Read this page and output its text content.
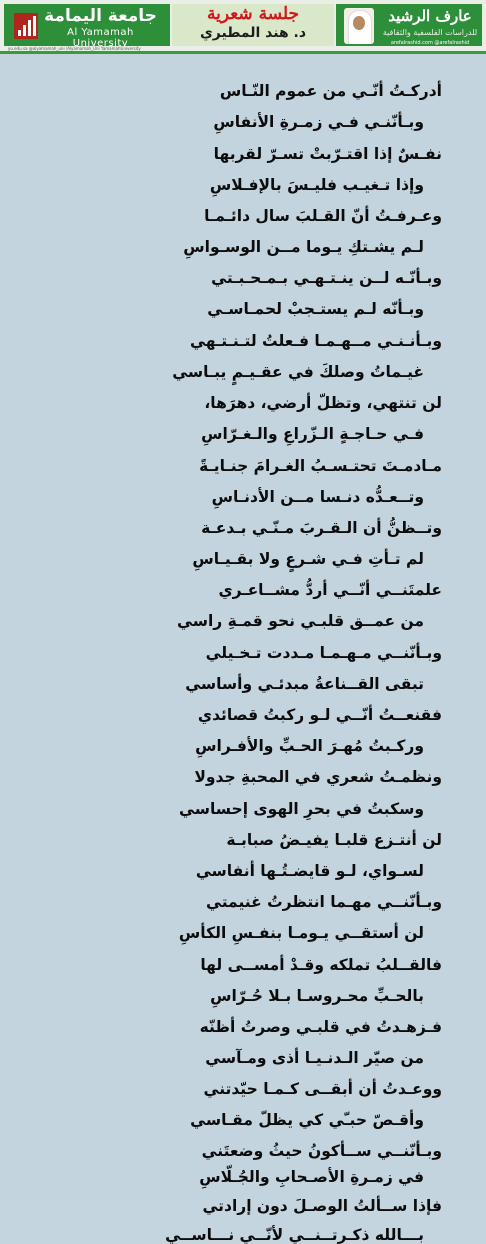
جامعة اليمامة
Al Yamamah University
yu.edu.sa @alyamamah_uni /Alyamamah_Uni YamamahUniversity
جلسة شعرية
د. هند المطيري
عارف الرشيد
للدراسات الفلسفية والثقافية
arefalrashid.com @arefalrashid
أدركـتُ أنّـي من عموم النّـاس
وبـأنّنـي فـي زمـرةِ الأنفاسِ
نفـسٌ إذا اقتـرّبتْ تسـرّ لقربها
وإذا تـغيـب فليـسَ بالإفـلاسِ
وعـرفـتُ أنّ القـلبَ سال دائـمـا
لـم يشـتكِ يـوما مــن الوسـواسِ
وبـأنّـه لــن ينـتـهـي بـمـحـبـتي
وبـأنّه لـم يستـجبْ لحمـاسـي
وبـأنـنـي مــهـمـا فـعلتُ لتـنـتـهي
غيـماتُ وصلكَ في عقـيـمٍ يبـاسي
لن تنتهي، وتظلّ أرضي، دهرَها،
فـي حـاجـةٍ الـزّراعِ والـغـرّاسِ
مـادمـتَ تحتـسـبُ الغـرامَ جنـايـةً
وتــعـدُّه دنـسا مــن الأدنـاسِ
وتــظنُّ أن الـقـربَ مـنّـي بـدعـة
لم تـأتِ فـي شـرعٍ ولا بقـيـاسِ
علمتَنــي أنّــي أردُّ مشــاعـري
من عمــق قلبـي نحو قمـةِ راسي
وبـأنّنــي مـهـمـا مـددت تـخـيلي
تبقى القــناعةُ مبدئـي وأساسي
فقنعــتُ أنّــي لـو ركبتُ قصائدي
وركـبتُ مُهـرَ الحـبِّ والأفـراسِ
ونظمـتُ شعري في المحبةِ جدولا
وسكبتُ في بحرِ الهوى إحساسي
لن أنتـزع قلبـا يفيـضُ صبابـة
لسـواي، لـو قايضـتُـها أنفاسي
وبـأنّنــي مهـما انتظرتُ غنيمتي
لن أستقــي يـومـا بنفـسِ الكأسِ
فالقــلبُ تملكه وقـدْ أمســى لها
بالحـبِّ محـروسـا بـلا حُـرّاسِ
فـزهـدتُ في قلبـي وصرتُ أظنّه
من صيّر الـدنـيـا أذى ومـآسي
ووعـدتُ أن أبقــى كـمـا حيّدتني
وأقـصّ حبـّي كي يظلّ مقـاسي
وبـأنّنــي ســأكونُ حيثُ وضعتَني
في زمـرةِ الأصـحابِ والجُـلّاسِ
فإذا ســألتُ الوصـلَ دون إرادتي
بـــالله ذكـرتــنــي لأنّــي نـــاســي
